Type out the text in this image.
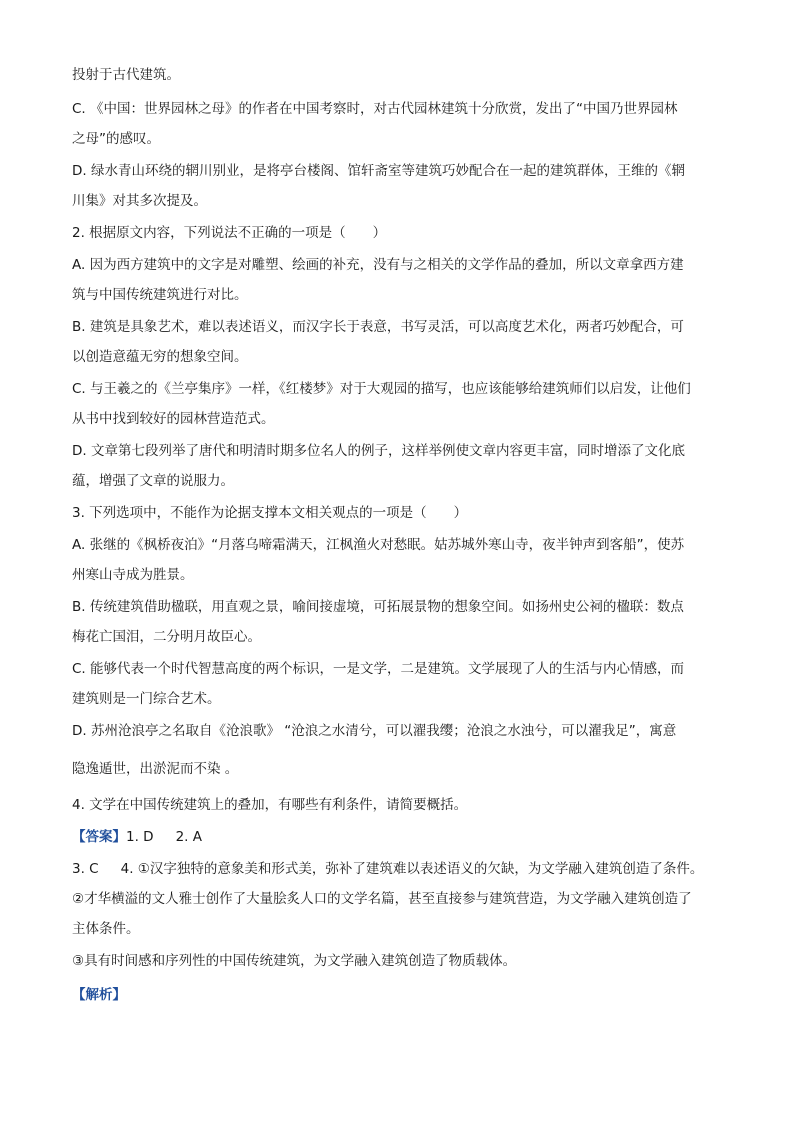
投射于古代建筑。
C. 《中国：世界园林之母》的作者在中国考察时，对古代园林建筑十分欣赏，发出了“中国乃世界园林
之母”的感叹。
D. 绿水青山环绕的辋川别业，是将亭台楼阁、馆轩斋室等建筑巧妙配合在一起的建筑群体，王维的《辋
川集》对其多次提及。
2. 根据原文内容，下列说法不正确的一项是（　　）
A. 因为西方建筑中的文字是对雕塑、绘画的补充，没有与之相关的文学作品的叠加，所以文章拿西方建
筑与中国传统建筑进行对比。
B. 建筑是具象艺术，难以表述语义，而汉字长于表意，书写灵活，可以高度艺术化，两者巧妙配合，可
以创造意蕴无穷的想象空间。
C. 与王羲之的《兰亭集序》一样，《红楼梦》对于大观园的描写，也应该能够给建筑师们以启发，让他们
从书中找到较好的园林营造范式。
D. 文章第七段列举了唐代和明清时期多位名人的例子，这样举例使文章内容更丰富，同时增添了文化底
蕴，增强了文章的说服力。
3. 下列选项中，不能作为论据支撑本文相关观点的一项是（　　）
A. 张继的《枫桥夜泊》“月落乌啼霜满天，江枫渔火对愁眠。姑苏城外寒山寺，夜半钟声到客船”，使苏
州寒山寺成为胜景。
B. 传统建筑借助楹联，用直观之景，喻间接虚境，可拓展景物的想象空间。如扬州史公祠的楹联：数点
梅花亡国泪，二分明月故臣心。
C. 能够代表一个时代智慧高度的两个标识，一是文学，二是建筑。文学展现了人的生活与内心情感，而
建筑则是一门综合艺术。
D. 苏州沧浪亭之名取自《沧浪歌》 “沧浪之水清兮，可以濯我缨；沧浪之水浊兮，可以濯我足”，寓意
隐逸遁世，出淤泥而不染 。
4. 文学在中国传统建筑上的叠加，有哪些有利条件，请简要概括。
【答案】1. D 2. A
3. C 4. ①汉字独特的意象美和形式美，弥补了建筑难以表述语义的欠缺，为文学融入建筑创造了条件。
②才华横溢的文人雅士创作了大量脍炙人口的文学名篇，甚至直接参与建筑营造，为文学融入建筑创造了
主体条件。
③具有时间感和序列性的中国传统建筑，为文学融入建筑创造了物质载体。
【解析】
